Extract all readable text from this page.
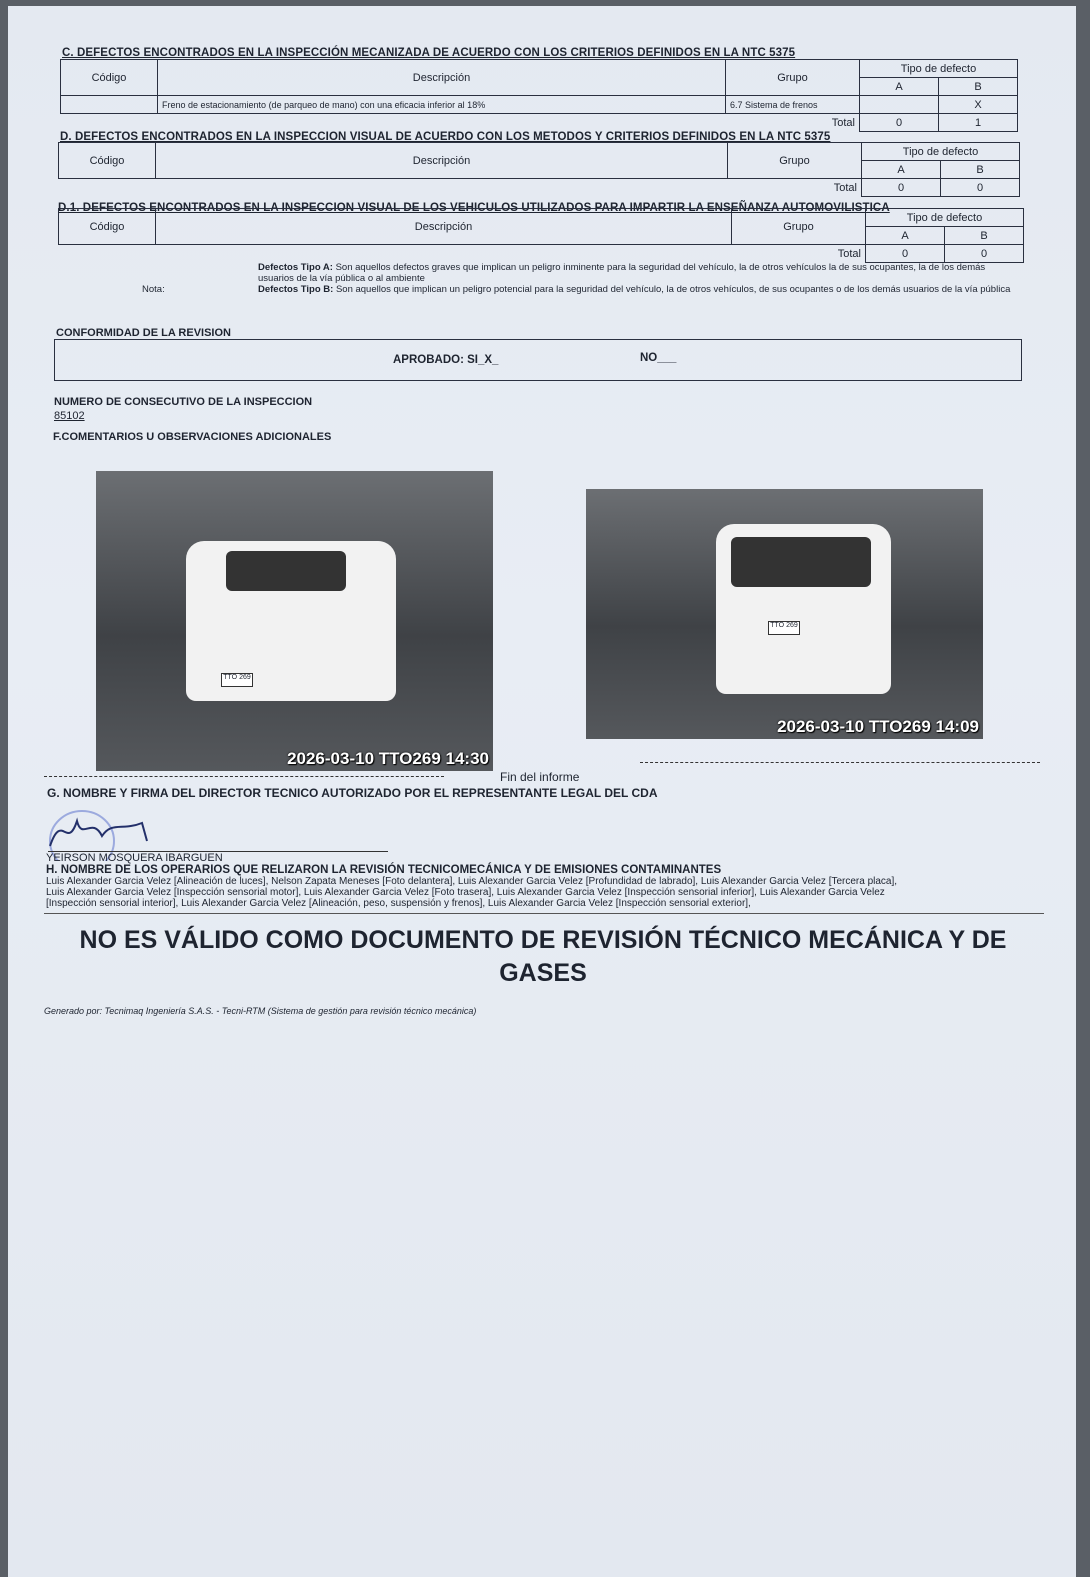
C. DEFECTOS ENCONTRADOS EN LA INSPECCIÓN MECANIZADA DE ACUERDO CON LOS CRITERIOS DEFINIDOS EN LA NTC 5375
Código	Descripción	Grupo	Tipo de defecto	
			A	B
	Freno de estacionamiento (de parqueo de mano) con una eficacia inferior al 18%	6.7 Sistema de frenos		X
Total			0	1
D. DEFECTOS ENCONTRADOS EN LA INSPECCION VISUAL DE ACUERDO CON LOS METODOS Y CRITERIOS DEFINIDOS EN LA NTC 5375
Código	Descripción	Grupo	Tipo de defecto	
			A	B
Total			0	0
D.1. DEFECTOS ENCONTRADOS EN LA INSPECCION VISUAL DE LOS VEHICULOS UTILIZADOS PARA IMPARTIR LA ENSEÑANZA AUTOMOVILISTICA
Código	Descripción	Grupo	Tipo de defecto	
			A	B
Total			0	0
Nota:
Defectos Tipo A: Son aquellos defectos graves que implican un peligro inminente para la seguridad del vehículo, la de otros vehículos la de sus ocupantes, la de los demás usuarios de la vía pública o al ambiente
Defectos Tipo B: Son aquellos que implican un peligro potencial para la seguridad del vehículo, la de otros vehículos, de sus ocupantes o de los demás usuarios de la vía pública
CONFORMIDAD DE LA REVISION
APROBADO: SI_X_	NO___
NUMERO DE CONSECUTIVO DE LA INSPECCION
85102
F.COMENTARIOS U OBSERVACIONES ADICIONALES
TTO 269
2026-03-10 TTO269 14:30
TTO 269
2026-03-10 TTO269 14:09
Fin del informe
G. NOMBRE Y FIRMA DEL DIRECTOR TECNICO AUTORIZADO POR EL REPRESENTANTE LEGAL DEL CDA
YEIRSON MOSQUERA IBARGUEN
H. NOMBRE DE LOS OPERARIOS QUE RELIZARON LA REVISIÓN TECNICOMECÁNICA Y DE EMISIONES CONTAMINANTES
Luis Alexander Garcia Velez [Alineación de luces], Nelson Zapata Meneses [Foto delantera], Luis Alexander Garcia Velez [Profundidad de labrado], Luis Alexander Garcia Velez [Tercera placa],
Luis Alexander Garcia Velez [Inspección sensorial motor], Luis Alexander Garcia Velez [Foto trasera], Luis Alexander Garcia Velez [Inspección sensorial inferior], Luis Alexander Garcia Velez
[Inspección sensorial interior], Luis Alexander Garcia Velez [Alineación, peso, suspensión y frenos], Luis Alexander Garcia Velez [Inspección sensorial exterior],
NO ES VÁLIDO COMO DOCUMENTO DE REVISIÓN TÉCNICO MECÁNICA Y DE GASES
Generado por: Tecnimaq Ingeniería S.A.S. - Tecni-RTM (Sistema de gestión para revisión técnico mecánica)
